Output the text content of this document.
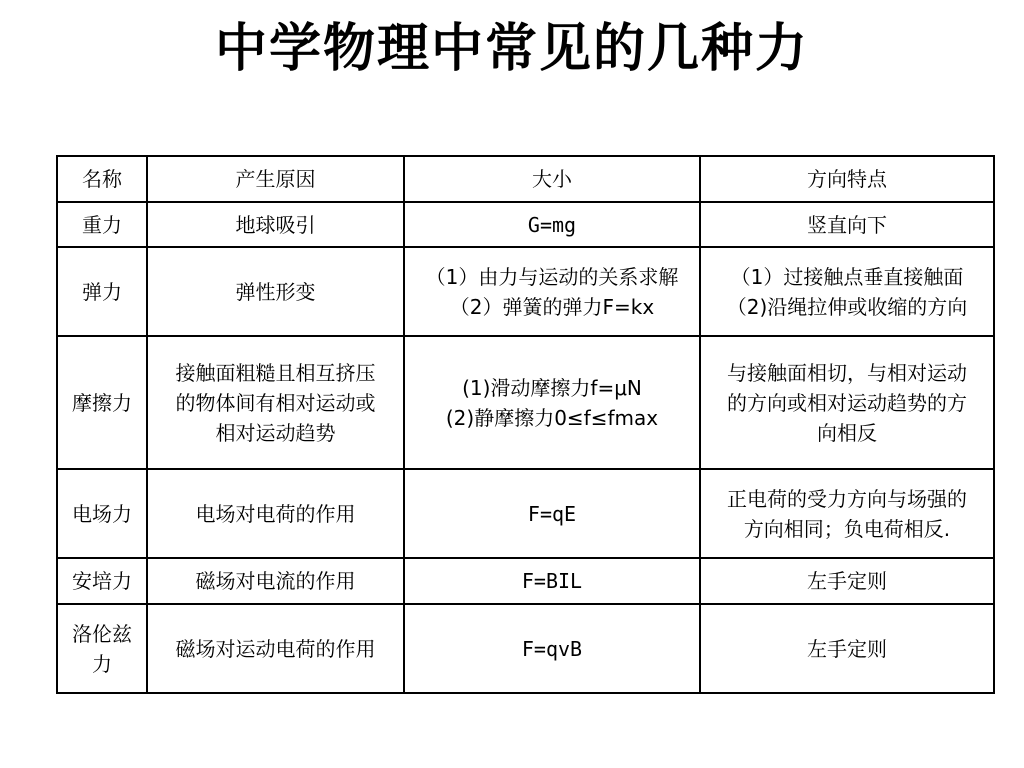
中学物理中常见的几种力
名称	产生原因	大小	方向特点

重力	地球吸引	G=mg	竖直向下

弹力	弹性形变	（1）由力与运动的关系求解
（2）弹簧的弹力F=kx	（1）过接触点垂直接触面
（2)沿绳拉伸或收缩的方向

摩擦力	接触面粗糙且相互挤压
的物体间有相对运动或
相对运动趋势	(1)滑动摩擦力f=μN
(2)静摩擦力0≤f≤fmax	与接触面相切，与相对运动
的方向或相对运动趋势的方
向相反

电场力	电场对电荷的作用	F=qE	正电荷的受力方向与场强的
方向相同；负电荷相反.

安培力	磁场对电流的作用	F=BIL	左手定则

洛伦兹
力	磁场对运动电荷的作用	F=qvB	左手定则
